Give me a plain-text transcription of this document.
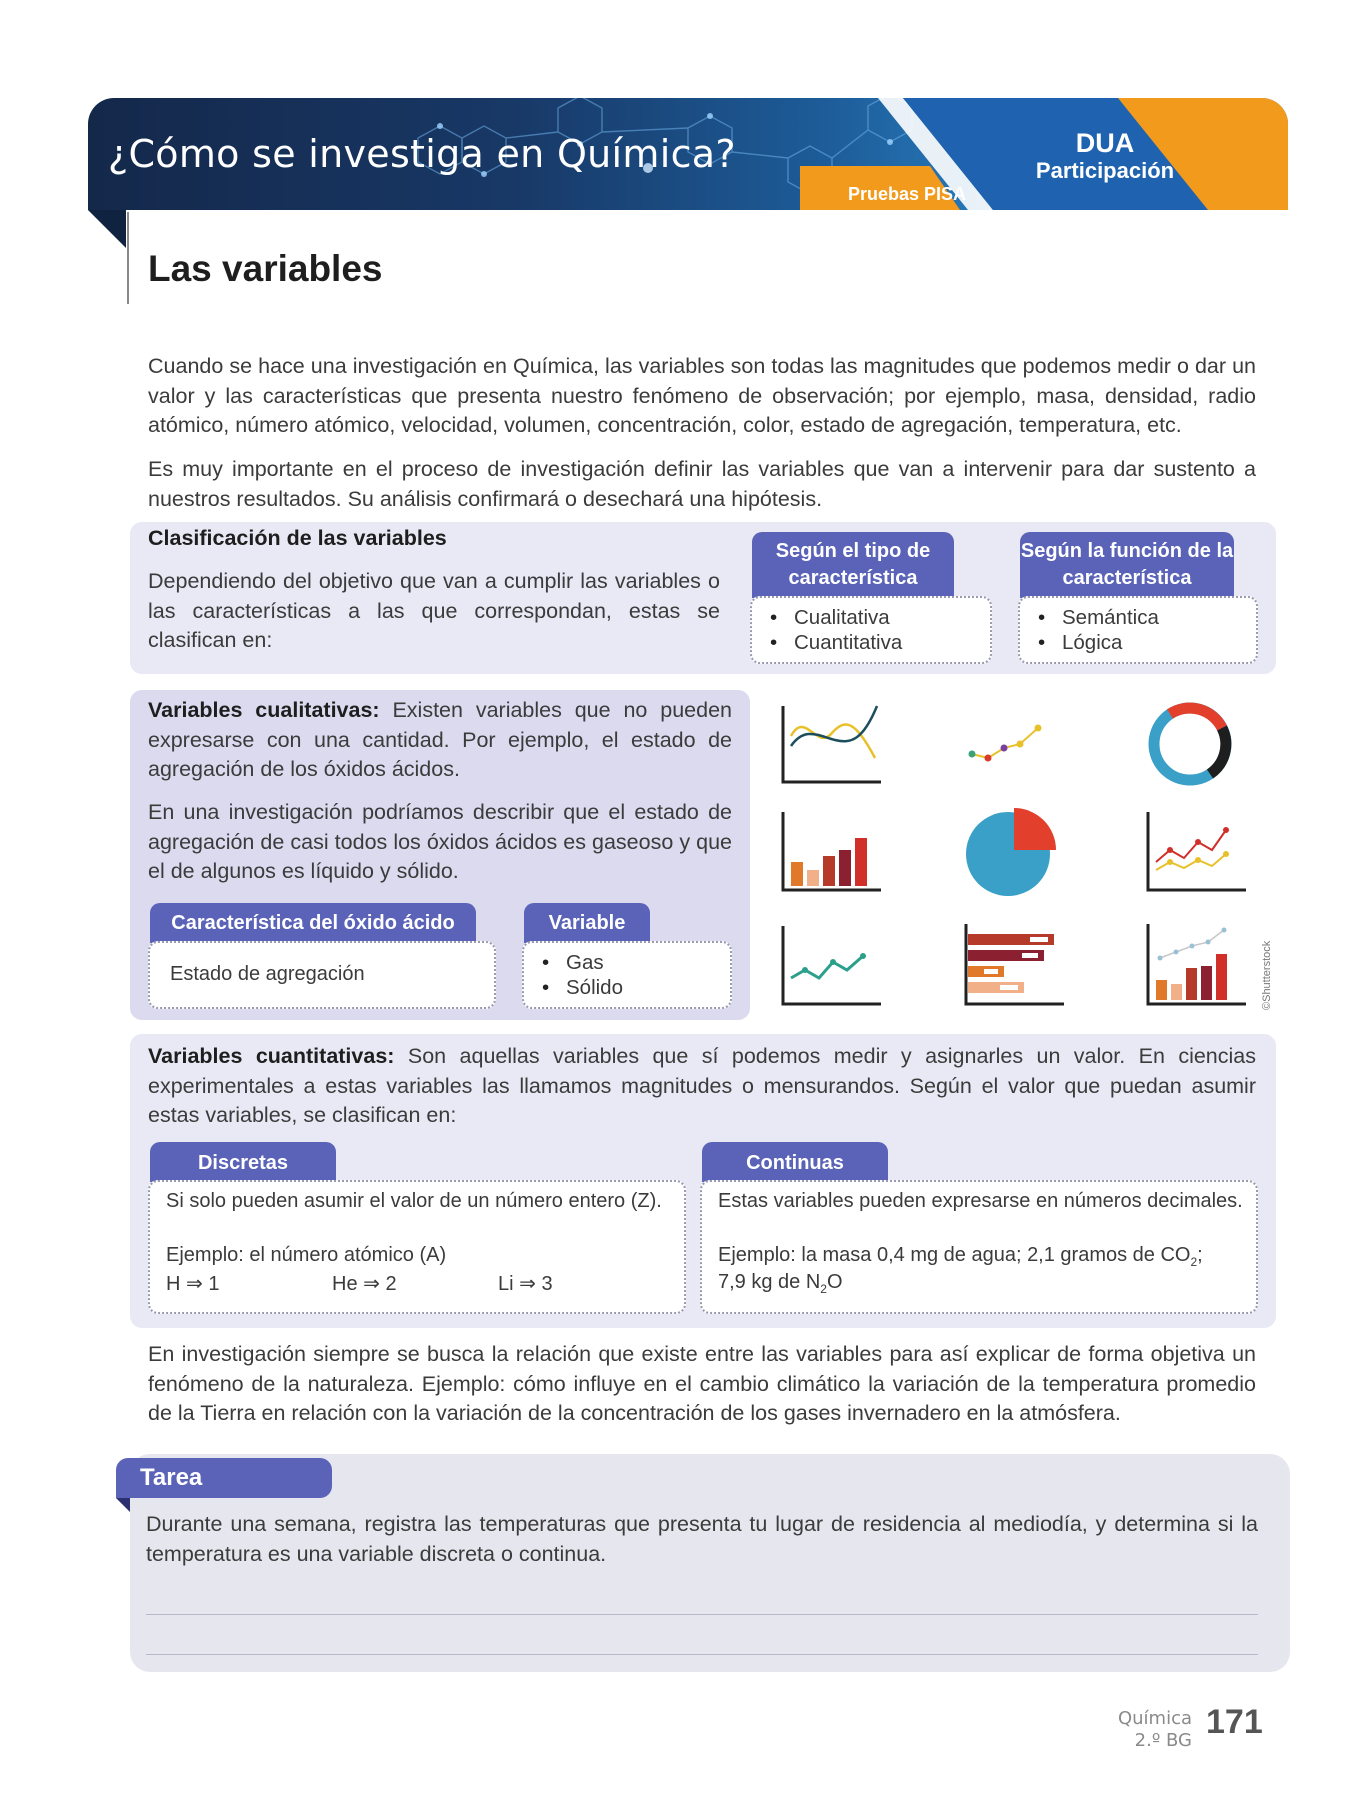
¿Cómo se investiga en Química?
Pruebas PISA
DUA
Participación
Las variables

Cuando se hace una investigación en Química, las variables son todas las magnitudes que podemos medir o dar un valor y las características que presenta nuestro fenómeno de observación; por ejemplo, masa, densidad, radio atómico, número atómico, velocidad, volumen, concentración, color, estado de agregación, temperatura, etc.

Es muy importante en el proceso de investigación definir las variables que van a intervenir para dar sustento a nuestros resultados. Su análisis confirmará o desechará una hipótesis.

Clasificación de las variables

Dependiendo del objetivo que van a cumplir las variables o las características a las que correspondan, estas se clasifican en:

Según el tipo de característica
• Cualitativa
• Cuantitativa
Según la función de la característica
• Semántica
• Lógica

Variables cualitativas: Existen variables que no pueden expresarse con una cantidad. Por ejemplo, el estado de agregación de los óxidos ácidos.

En una investigación podríamos describir que el estado de agregación de casi todos los óxidos ácidos es gaseoso y que el de algunos es líquido y sólido.

Característica del óxido ácido
Estado de agregación
Variable
• Gas
• Sólido	©Shutterstock

Variables cuantitativas: Son aquellas variables que sí podemos medir y asignarles un valor. En ciencias experimentales a estas variables las llamamos magnitudes o mensurandos. Según el valor que puedan asumir estas variables, se clasifican en:

Discretas
Si solo pueden asumir el valor de un número entero (Z).
Ejemplo: el número atómico (A)
H ⇒ 1	He ⇒ 2	Li ⇒ 3
Continuas
Estas variables pueden expresarse en números decimales.
Ejemplo: la masa 0,4 mg de agua; 2,1 gramos de $CO_2$;
7,9 kg de $N_2O$

En investigación siempre se busca la relación que existe entre las variables para así explicar de forma objetiva un fenómeno de la naturaleza. Ejemplo: cómo influye en el cambio climático la variación de la temperatura promedio de la Tierra en relación con la variación de la concentración de los gases invernadero en la atmósfera.

Tarea

Durante una semana, registra las temperaturas que presenta tu lugar de residencia al mediodía, y determina si la temperatura es una variable discreta o continua.

Química
2.º BG 171
